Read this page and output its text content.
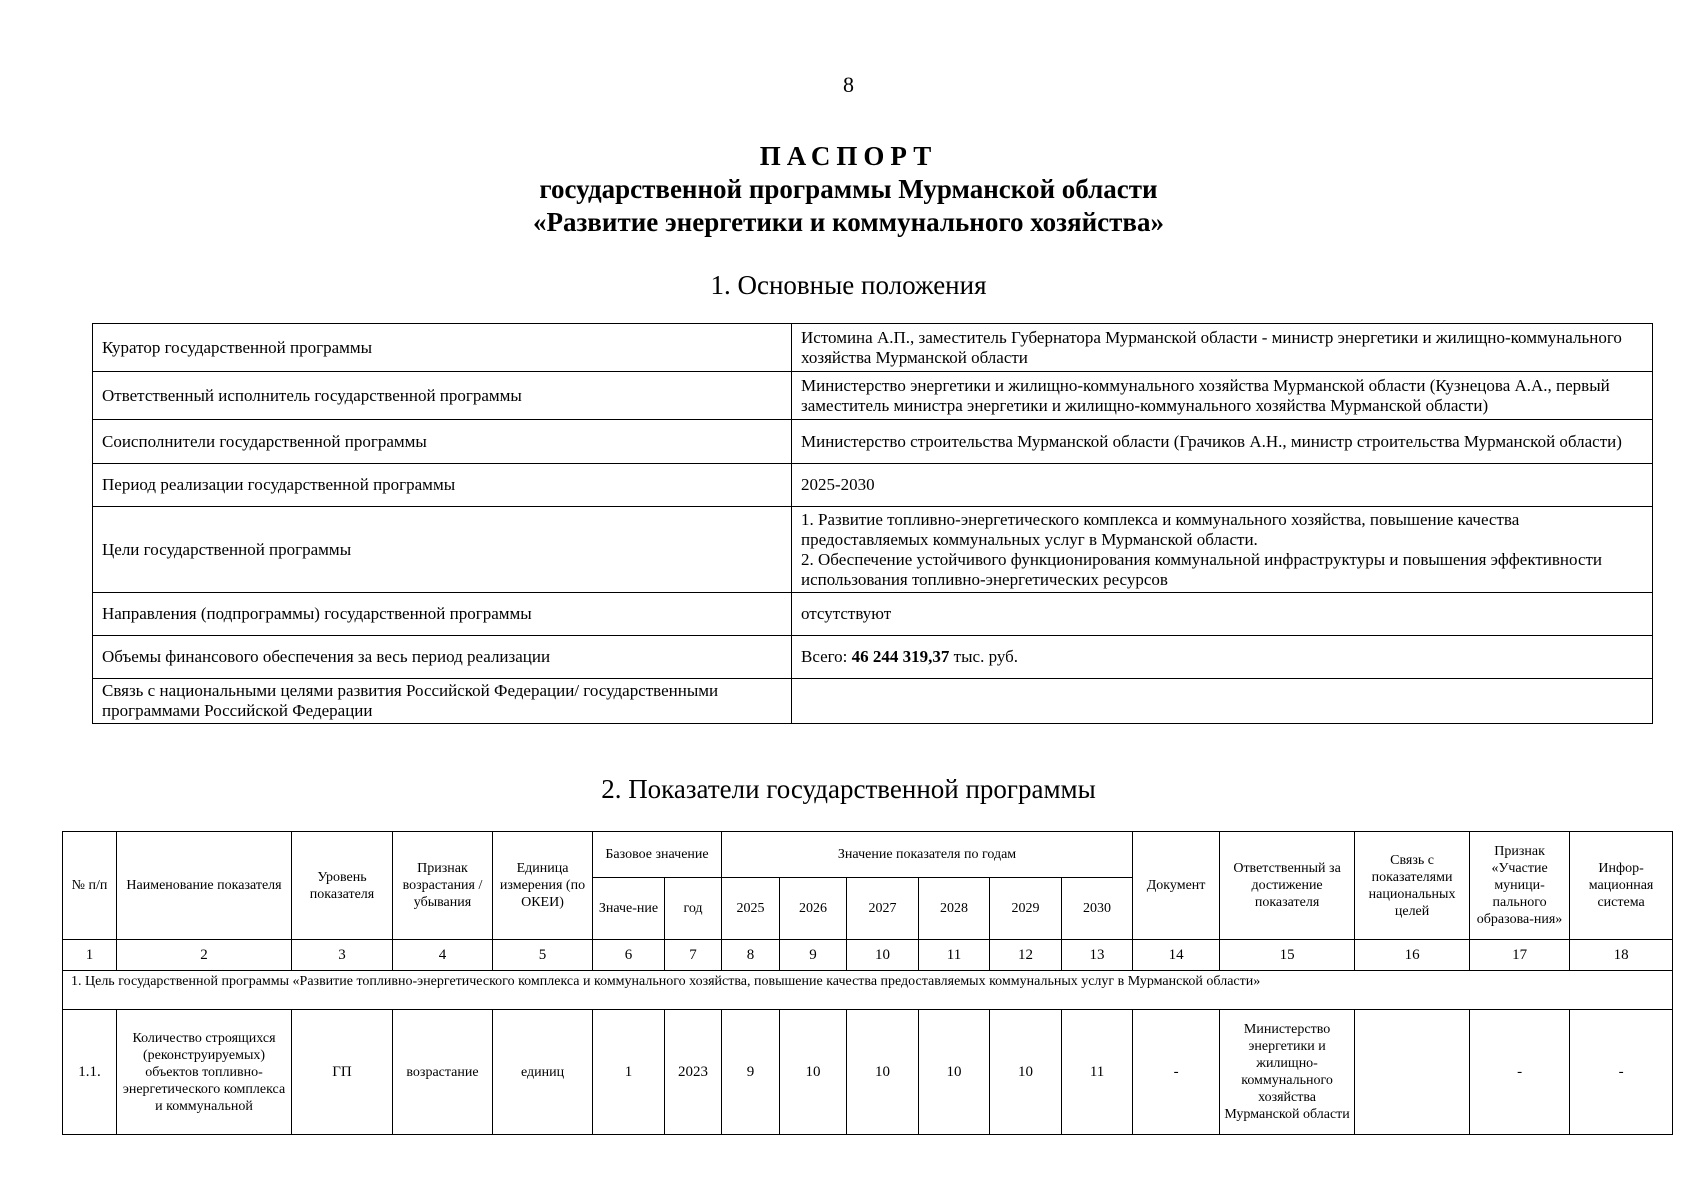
8
ПАСПОРТ
государственной программы Мурманской области
«Развитие энергетики и коммунального хозяйства»
1. Основные положения
Куратор государственной программы	Истомина А.П., заместитель Губернатора Мурманской области - министр энергетики и жилищно-коммунального хозяйства Мурманской области
Ответственный исполнитель государственной программы	Министерство энергетики и жилищно-коммунального хозяйства Мурманской области (Кузнецова А.А., первый заместитель министра энергетики и жилищно-коммунального хозяйства Мурманской области)
Соисполнители государственной программы	Министерство строительства Мурманской области (Грачиков А.Н., министр строительства Мурманской области)
Период реализации государственной программы	2025-2030
Цели государственной программы	1. Развитие топливно-энергетического комплекса и коммунального хозяйства, повышение качества предоставляемых коммунальных услуг в Мурманской области.
2. Обеспечение устойчивого функционирования коммунальной инфраструктуры и повышения эффективности использования топливно-энергетических ресурсов

Направления (подпрограммы) государственной программы	отсутствуют
Объемы финансового обеспечения за весь период реализации	Всего: 46 244 319,37 тыс. руб.
Связь с национальными целями развития Российской Федерации/ государственными программами Российской Федерации	
2. Показатели государственной программы
№ п/п	Наименование показателя	Уровень показателя	Признак возрастания / убывания	Единица измерения (по ОКЕИ)	Базовое значение		Значение показателя по годам						Документ	Ответственный за достижение показателя	Связь с показателями национальных целей	Признак «Участие муници-пального образова-ния»	Инфор-мационная система
					Значе-ние	год	2025	2026	2027	2028	2029	2030					
1	2	3	4	5	6	7	8	9	10	11	12	13	14	15	16	17	18
1. Цель государственной программы «Развитие топливно-энергетического комплекса и коммунального хозяйства, повышение качества предоставляемых коммунальных услуг в Мурманской области»																	
1.1.	Количество строящихся (реконструируемых) объектов топливно-энергетического комплекса и коммунальной	ГП	возрастание	единиц	1	2023	9	10	10	10	10	11	-	Министерство энергетики и жилищно-коммунального хозяйства Мурманской области		-	-
